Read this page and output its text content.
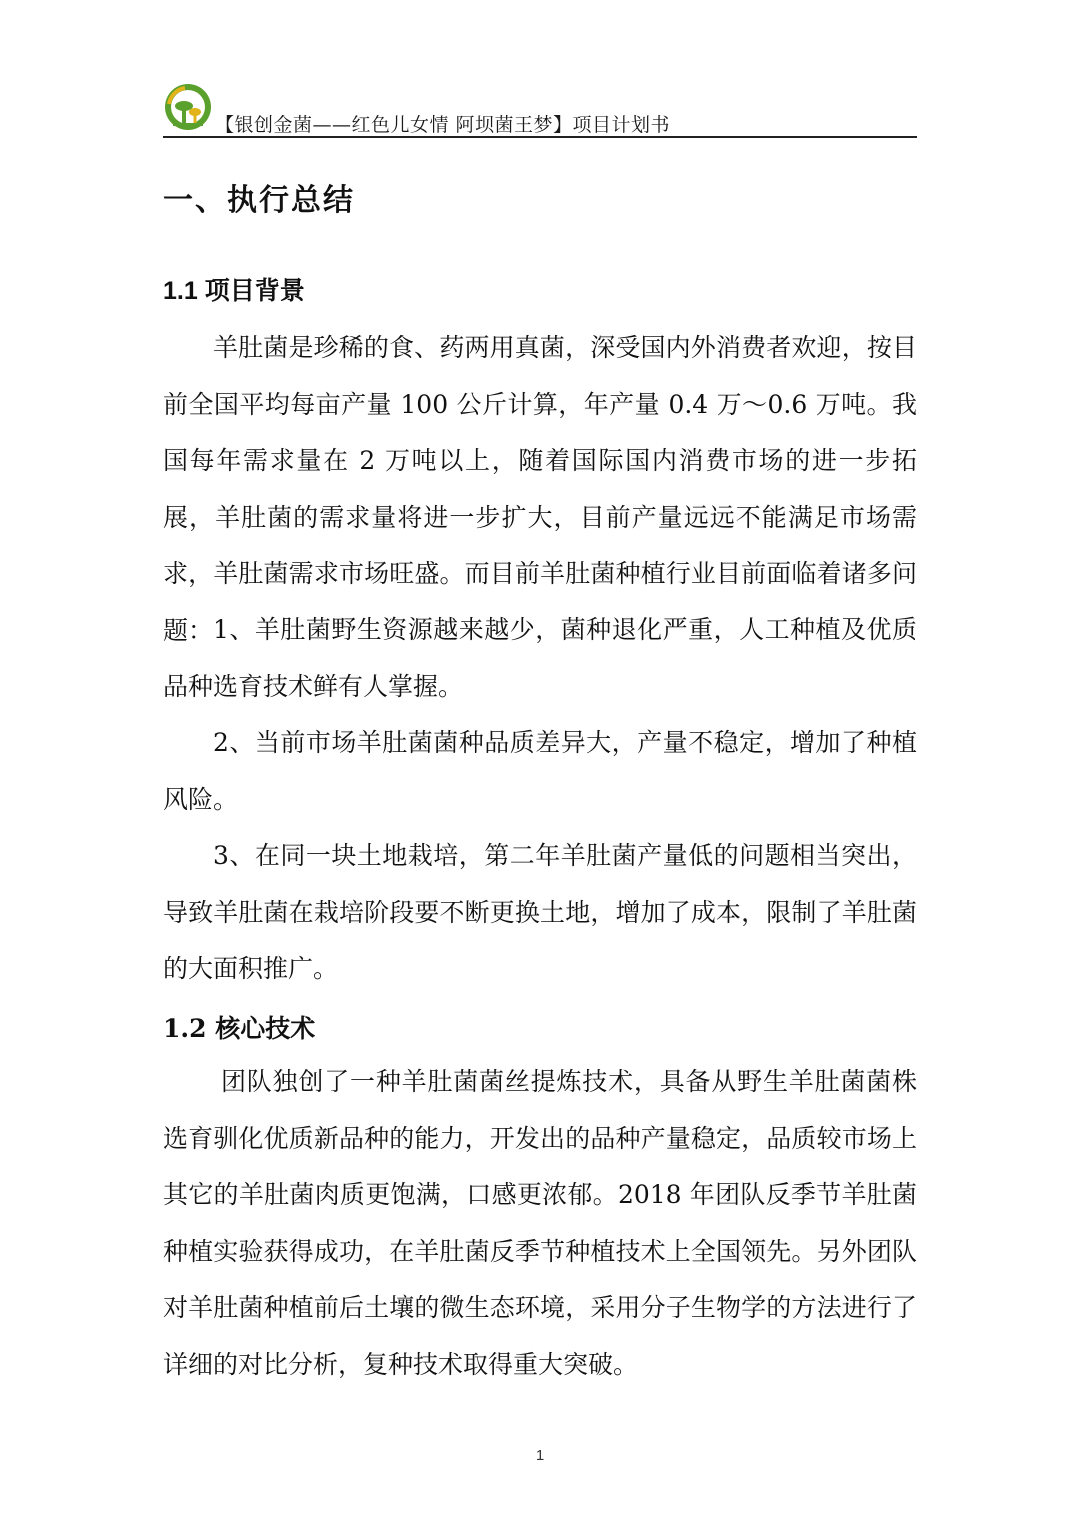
【银创金菌——红色儿女情 阿坝菌王梦】项目计划书
一、执行总结
1.1 项目背景

羊肚菌是珍稀的食、药两用真菌，深受国内外消费者欢迎，按目前全国平均每亩产量 100 公斤计算，年产量 0.4 万～0.6 万吨。我国每年需求量在 2 万吨以上，随着国际国内消费市场的进一步拓展，羊肚菌的需求量将进一步扩大，目前产量远远不能满足市场需求，羊肚菌需求市场旺盛。而目前羊肚菌种植行业目前面临着诸多问题： 1、羊肚菌野生资源越来越少，菌种退化严重，人工种植及优质品种选育技术鲜有人掌握。

2、当前市场羊肚菌菌种品质差异大，产量不稳定，增加了种植风险。

3、在同一块土地栽培，第二年羊肚菌产量低的问题相当突出，导致羊肚菌在栽培阶段要不断更换土地，增加了成本，限制了羊肚菌的大面积推广。

1.2 核心技术

团队独创了一种羊肚菌菌丝提炼技术，具备从野生羊肚菌菌株选育驯化优质新品种的能力，开发出的品种产量稳定，品质较市场上其它的羊肚菌肉质更饱满，口感更浓郁。2018 年团队反季节羊肚菌种植实验获得成功，在羊肚菌反季节种植技术上全国领先。另外团队对羊肚菌种植前后土壤的微生态环境，采用分子生物学的方法进行了详细的对比分析，复种技术取得重大突破。

1
